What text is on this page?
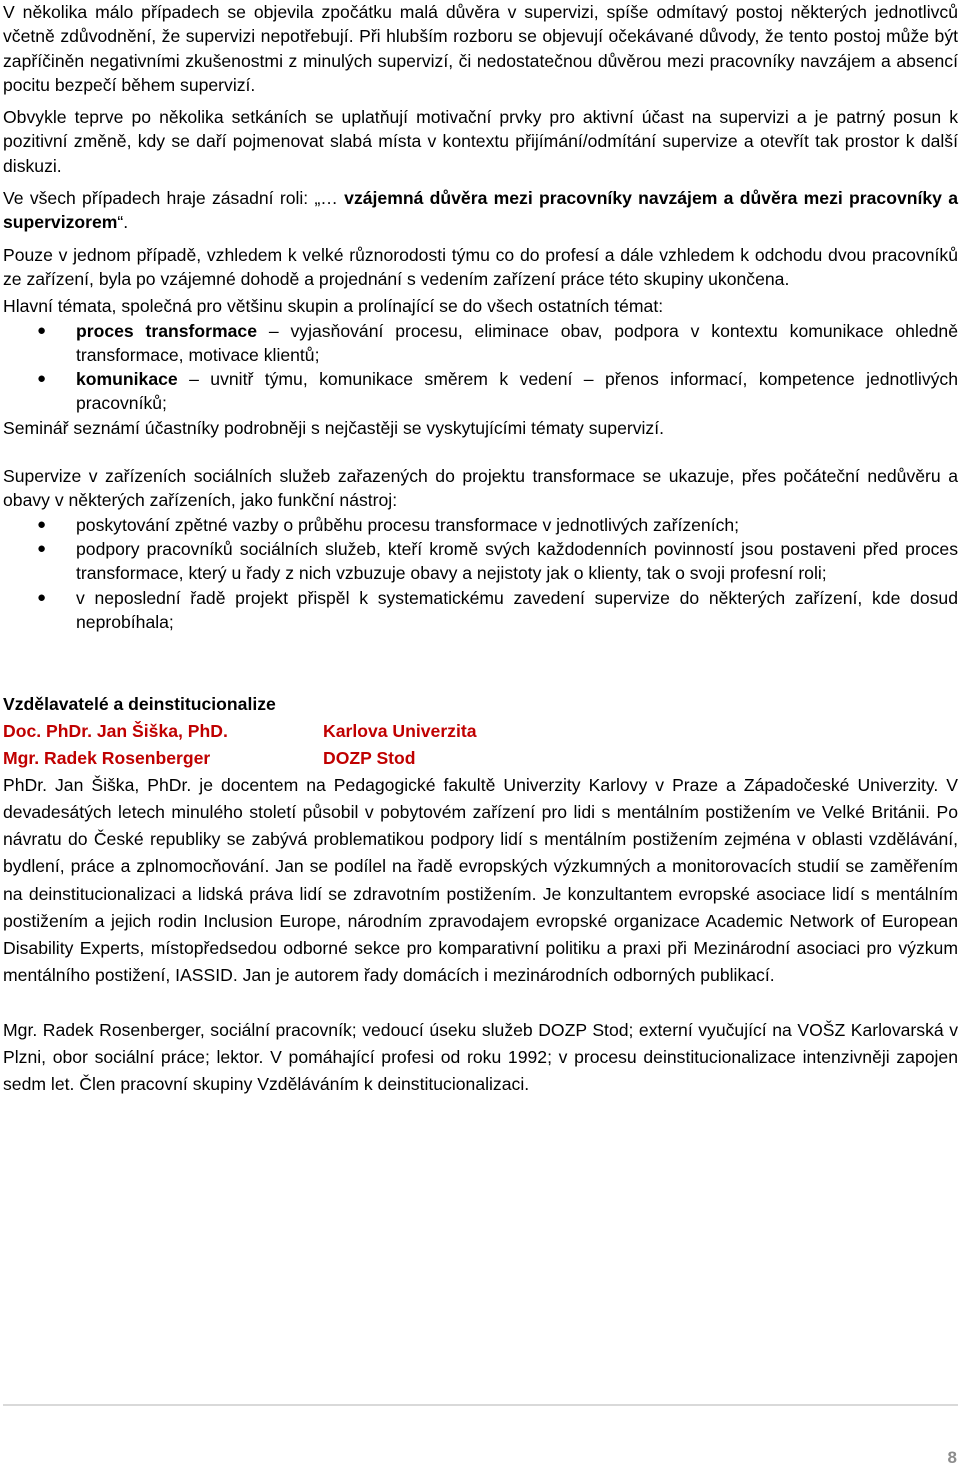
V několika málo případech se objevila zpočátku malá důvěra v supervizi, spíše odmítavý postoj některých jednotlivců včetně zdůvodnění, že supervizi nepotřebují. Při hlubším rozboru se objevují očekávané důvody, že tento postoj může být zapříčiněn negativními zkušenostmi z minulých supervizí, či nedostatečnou důvěrou mezi pracovníky navzájem a absencí pocitu bezpečí během supervizí.

Obvykle teprve po několika setkáních se uplatňují motivační prvky pro aktivní účast na supervizi a je patrný posun k pozitivní změně, kdy se daří pojmenovat slabá místa v kontextu přijímání/odmítání supervize a otevřít tak prostor k další diskuzi.

Ve všech případech hraje zásadní roli: „… vzájemná důvěra mezi pracovníky navzájem a důvěra mezi pracovníky a supervizorem“.

Pouze v jednom případě, vzhledem k velké různorodosti týmu co do profesí a dále vzhledem k odchodu dvou pracovníků ze zařízení, byla po vzájemné dohodě a projednání s vedením zařízení práce této skupiny ukončena.

Hlavní témata, společná pro většinu skupin a prolínající se do všech ostatních témat:

● proces transformace – vyjasňování procesu, eliminace obav, podpora v kontextu komunikace ohledně transformace, motivace klientů;
● komunikace – uvnitř týmu, komunikace směrem k vedení – přenos informací, kompetence jednotlivých pracovníků;

Seminář seznámí účastníky podrobněji s nejčastěji se vyskytujícími tématy supervizí.

Supervize v zařízeních sociálních služeb zařazených do projektu transformace se ukazuje, přes počáteční nedůvěru a obavy v některých zařízeních, jako funkční nástroj:

● poskytování zpětné vazby o průběhu procesu transformace v jednotlivých zařízeních;
● podpory pracovníků sociálních služeb, kteří kromě svých každodenních povinností jsou postaveni před proces transformace, který u řady z nich vzbuzuje obavy a nejistoty jak o klienty, tak o svoji profesní roli;
● v neposlední řadě projekt přispěl k systematickému zavedení supervize do některých zařízení, kde dosud neprobíhala;

Vzdělavatelé a deinstitucionalize

Doc. PhDr. Jan Šiška, PhD.	Karlova Univerzita
Mgr. Radek Rosenberger	DOZP Stod

PhDr. Jan Šiška, PhDr. je docentem na Pedagogické fakultě Univerzity Karlovy v Praze a Západočeské Univerzity. V devadesátých letech minulého století působil v pobytovém zařízení pro lidi s mentálním postižením ve Velké Británii. Po návratu do České republiky se zabývá problematikou podpory lidí s mentálním postižením zejména v oblasti vzdělávání, bydlení, práce a zplnomocňování. Jan se podílel na řadě evropských výzkumných a monitorovacích studií se zaměřením na deinstitucionalizaci a lidská práva lidí se zdravotním postižením. Je konzultantem evropské asociace lidí s mentálním postižením a jejich rodin Inclusion Europe, národním zpravodajem evropské organizace Academic Network of European Disability Experts, místopředsedou odborné sekce pro komparativní politiku a praxi při Mezinárodní asociaci pro výzkum mentálního postižení, IASSID. Jan je autorem řady domácích i mezinárodních odborných publikací.

Mgr. Radek Rosenberger, sociální pracovník; vedoucí úseku služeb DOZP Stod; externí vyučující na VOŠZ Karlovarská v Plzni, obor sociální práce; lektor. V pomáhající profesi od roku 1992; v procesu deinstitucionalizace intenzivněji zapojen sedm let. Člen pracovní skupiny Vzděláváním k deinstitucionalizaci.

8
